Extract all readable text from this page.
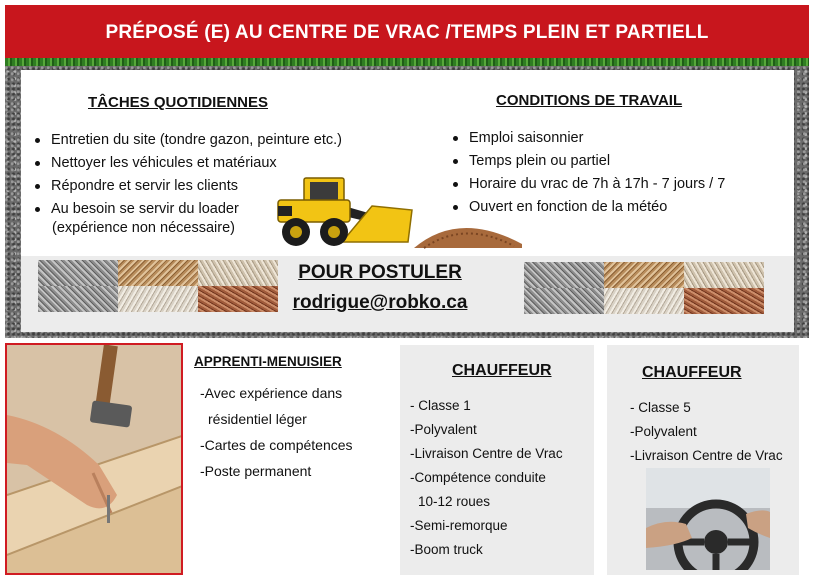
PRÉPOSÉ (E) AU CENTRE DE VRAC /TEMPS PLEIN ET PARTIELL
TÂCHES QUOTIDIENNES
Entretien du site (tondre gazon, peinture etc.)
Nettoyer les véhicules et matériaux
Répondre et servir les clients
Au besoin se servir du loader
(expérience non nécessaire)
CONDITIONS DE TRAVAIL
Emploi saisonnier
Temps plein ou partiel
Horaire du vrac de 7h à 17h - 7 jours / 7
Ouvert en fonction de la météo
POUR POSTULER
rodrigue@robko.ca
APPRENTI-MENUISIER
-Avec expérience dans
résidentiel léger
-Cartes de compétences
-Poste permanent
CHAUFFEUR
- Classe 1
-Polyvalent
-Livraison Centre de Vrac
-Compétence conduite
10-12 roues
-Semi-remorque
-Boom truck
CHAUFFEUR
- Classe 5
-Polyvalent
-Livraison Centre de Vrac
